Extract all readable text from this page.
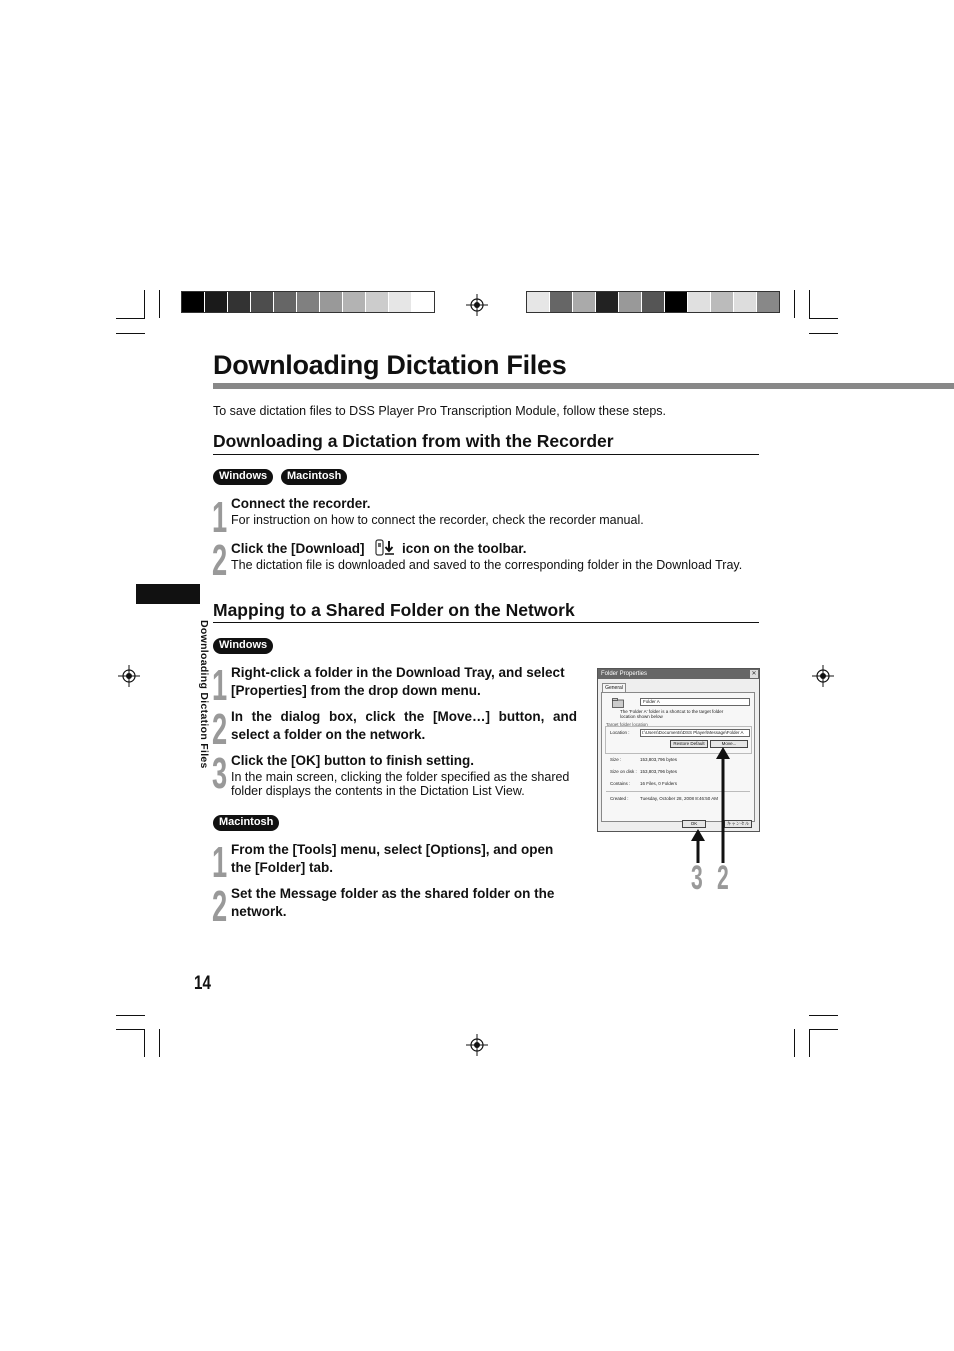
Downloading Dictation Files
To save dictation files to DSS Player Pro Transcription Module, follow these steps.
Downloading Dictation Files
Downloading a Dictation from with the Recorder
Windows	Macintosh
1 Connect the recorder.
For instruction on how to connect the recorder, check the recorder manual.
2 Click the [Download]	icon on the toolbar.
The dictation file is downloaded and saved to the corresponding folder in the Download Tray.
Mapping to a Shared Folder on the Network
Windows
1 Right-click a folder in the Download Tray, and select
[Properties] from the drop down menu.
2 In the dialog box, click the [Move…] button, and
select a folder on the network.
3 Click the [OK] button to finish setting.
In the main screen, clicking the folder specified as the shared
folder displays the contents in the Dictation List View.
Macintosh
1 From the [Tools] menu, select [Options], and open
the [Folder] tab.
2 Set the Message folder as the shared folder on the
network.
Folder Properties	✕
General
Folder A
The 'Folder A' folder is a shortcut to the target folder
location shown below
Target folder location
Location :	I:\Users\Documents\DSS Player\Message\Folder A
Restore Default	Move...
Size :	153,803,796 bytes
Size on disk : 153,803,796 bytes
Contains : 16 Files, 0 Folders
Created :	Tuesday, October 28, 2008 8:46:50 AM
OK	キャンセル
3 2
14
